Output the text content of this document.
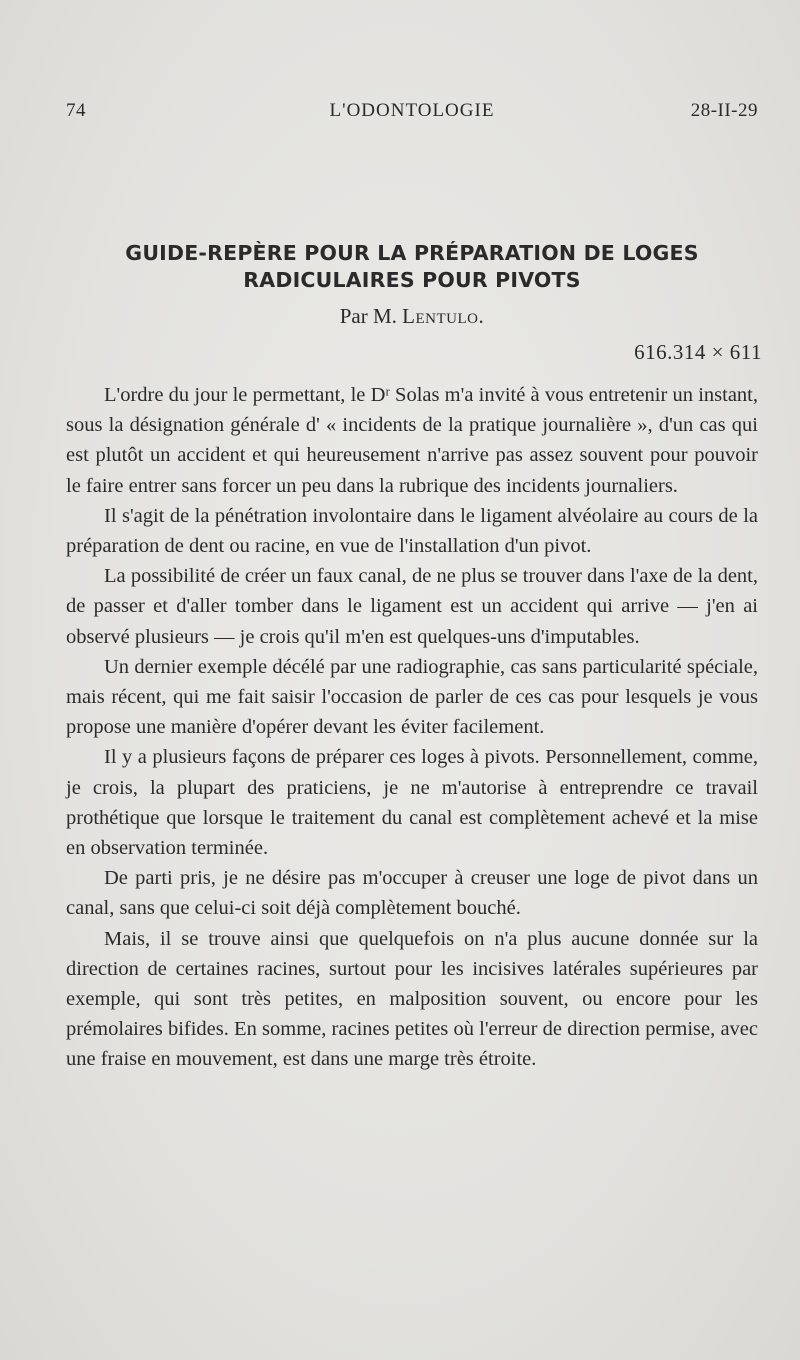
74	L'ODONTOLOGIE	28-II-29
GUIDE-REPÈRE POUR LA PRÉPARATION DE LOGES
RADICULAIRES POUR PIVOTS
Par M. Lentulo.
616.314 × 611

L'ordre du jour le permettant, le Dʳ Solas m'a invité à vous entretenir un instant, sous la désignation générale d' « incidents de la pratique journalière », d'un cas qui est plutôt un accident et qui heureusement n'arrive pas assez souvent pour pouvoir le faire entrer sans forcer un peu dans la rubrique des incidents journaliers.

Il s'agit de la pénétration involontaire dans le ligament alvéolaire au cours de la préparation de dent ou racine, en vue de l'installation d'un pivot.

La possibilité de créer un faux canal, de ne plus se trouver dans l'axe de la dent, de passer et d'aller tomber dans le ligament est un accident qui arrive — j'en ai observé plusieurs — je crois qu'il m'en est quelques-uns d'imputables.

Un dernier exemple décélé par une radiographie, cas sans particularité spéciale, mais récent, qui me fait saisir l'occasion de parler de ces cas pour lesquels je vous propose une manière d'opérer devant les éviter facilement.

Il y a plusieurs façons de préparer ces loges à pivots. Personnellement, comme, je crois, la plupart des praticiens, je ne m'autorise à entreprendre ce travail prothétique que lorsque le traitement du canal est complètement achevé et la mise en observation terminée.

De parti pris, je ne désire pas m'occuper à creuser une loge de pivot dans un canal, sans que celui-ci soit déjà complètement bouché.

Mais, il se trouve ainsi que quelquefois on n'a plus aucune donnée sur la direction de certaines racines, surtout pour les incisives latérales supérieures par exemple, qui sont très petites, en malposition souvent, ou encore pour les prémolaires bifides. En somme, racines petites où l'erreur de direction permise, avec une fraise en mouvement, est dans une marge très étroite.
